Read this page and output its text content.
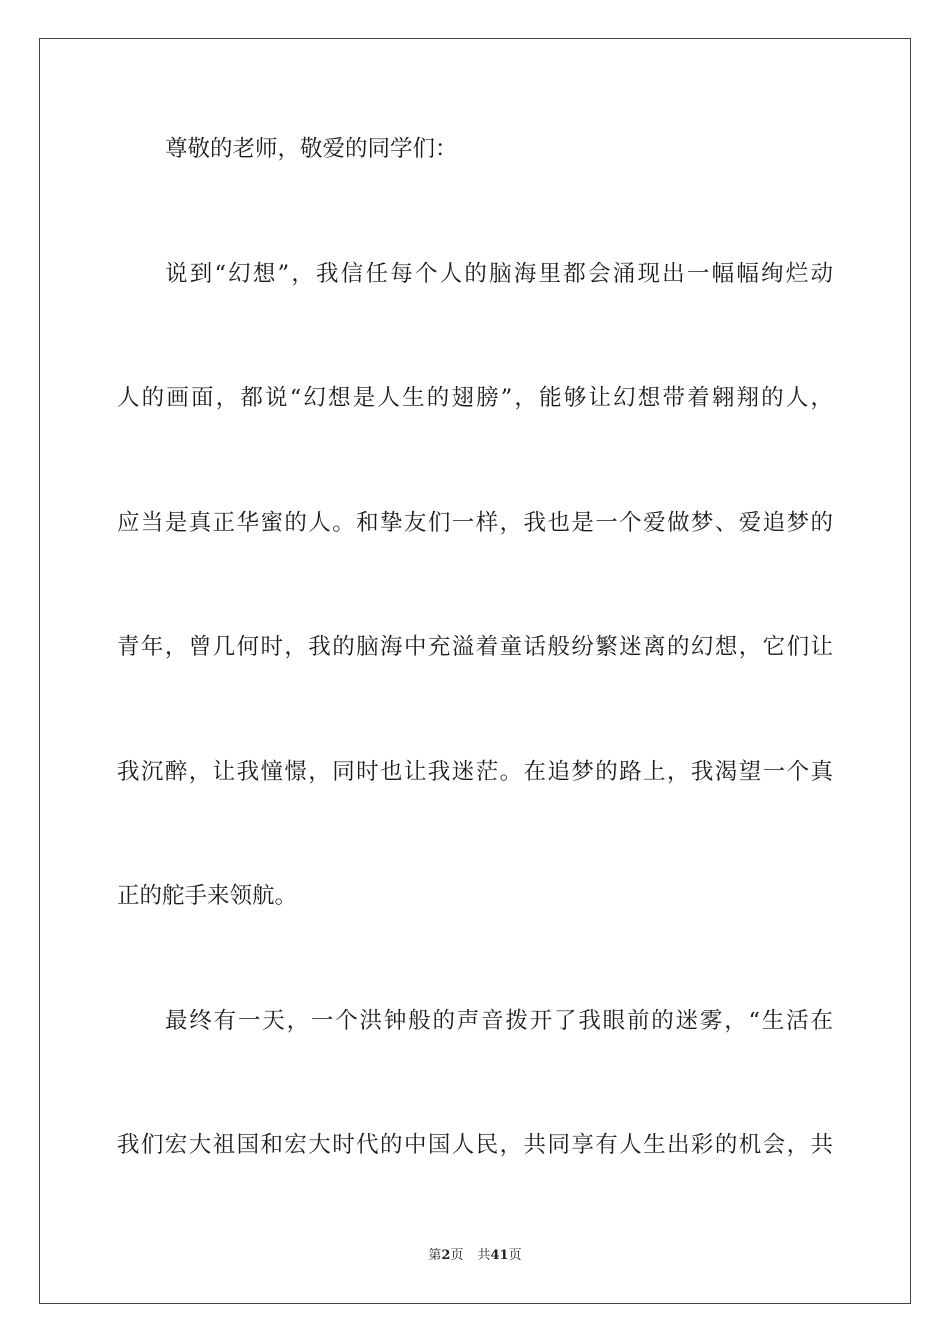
尊敬的老师，敬爱的同学们：
说到“幻想”，我信任每个人的脑海里都会涌现出一幅幅绚烂动
人的画面，都说“幻想是人生的翅膀”，能够让幻想带着翱翔的人，
应当是真正华蜜的人。和挚友们一样，我也是一个爱做梦、爱追梦的
青年，曾几何时，我的脑海中充溢着童话般纷繁迷离的幻想，它们让
我沉醉，让我憧憬，同时也让我迷茫。在追梦的路上，我渴望一个真
正的舵手来领航。
最终有一天，一个洪钟般的声音拨开了我眼前的迷雾，“生活在
我们宏大祖国和宏大时代的中国人民，共同享有人生出彩的机会，共
第2页 共41页
